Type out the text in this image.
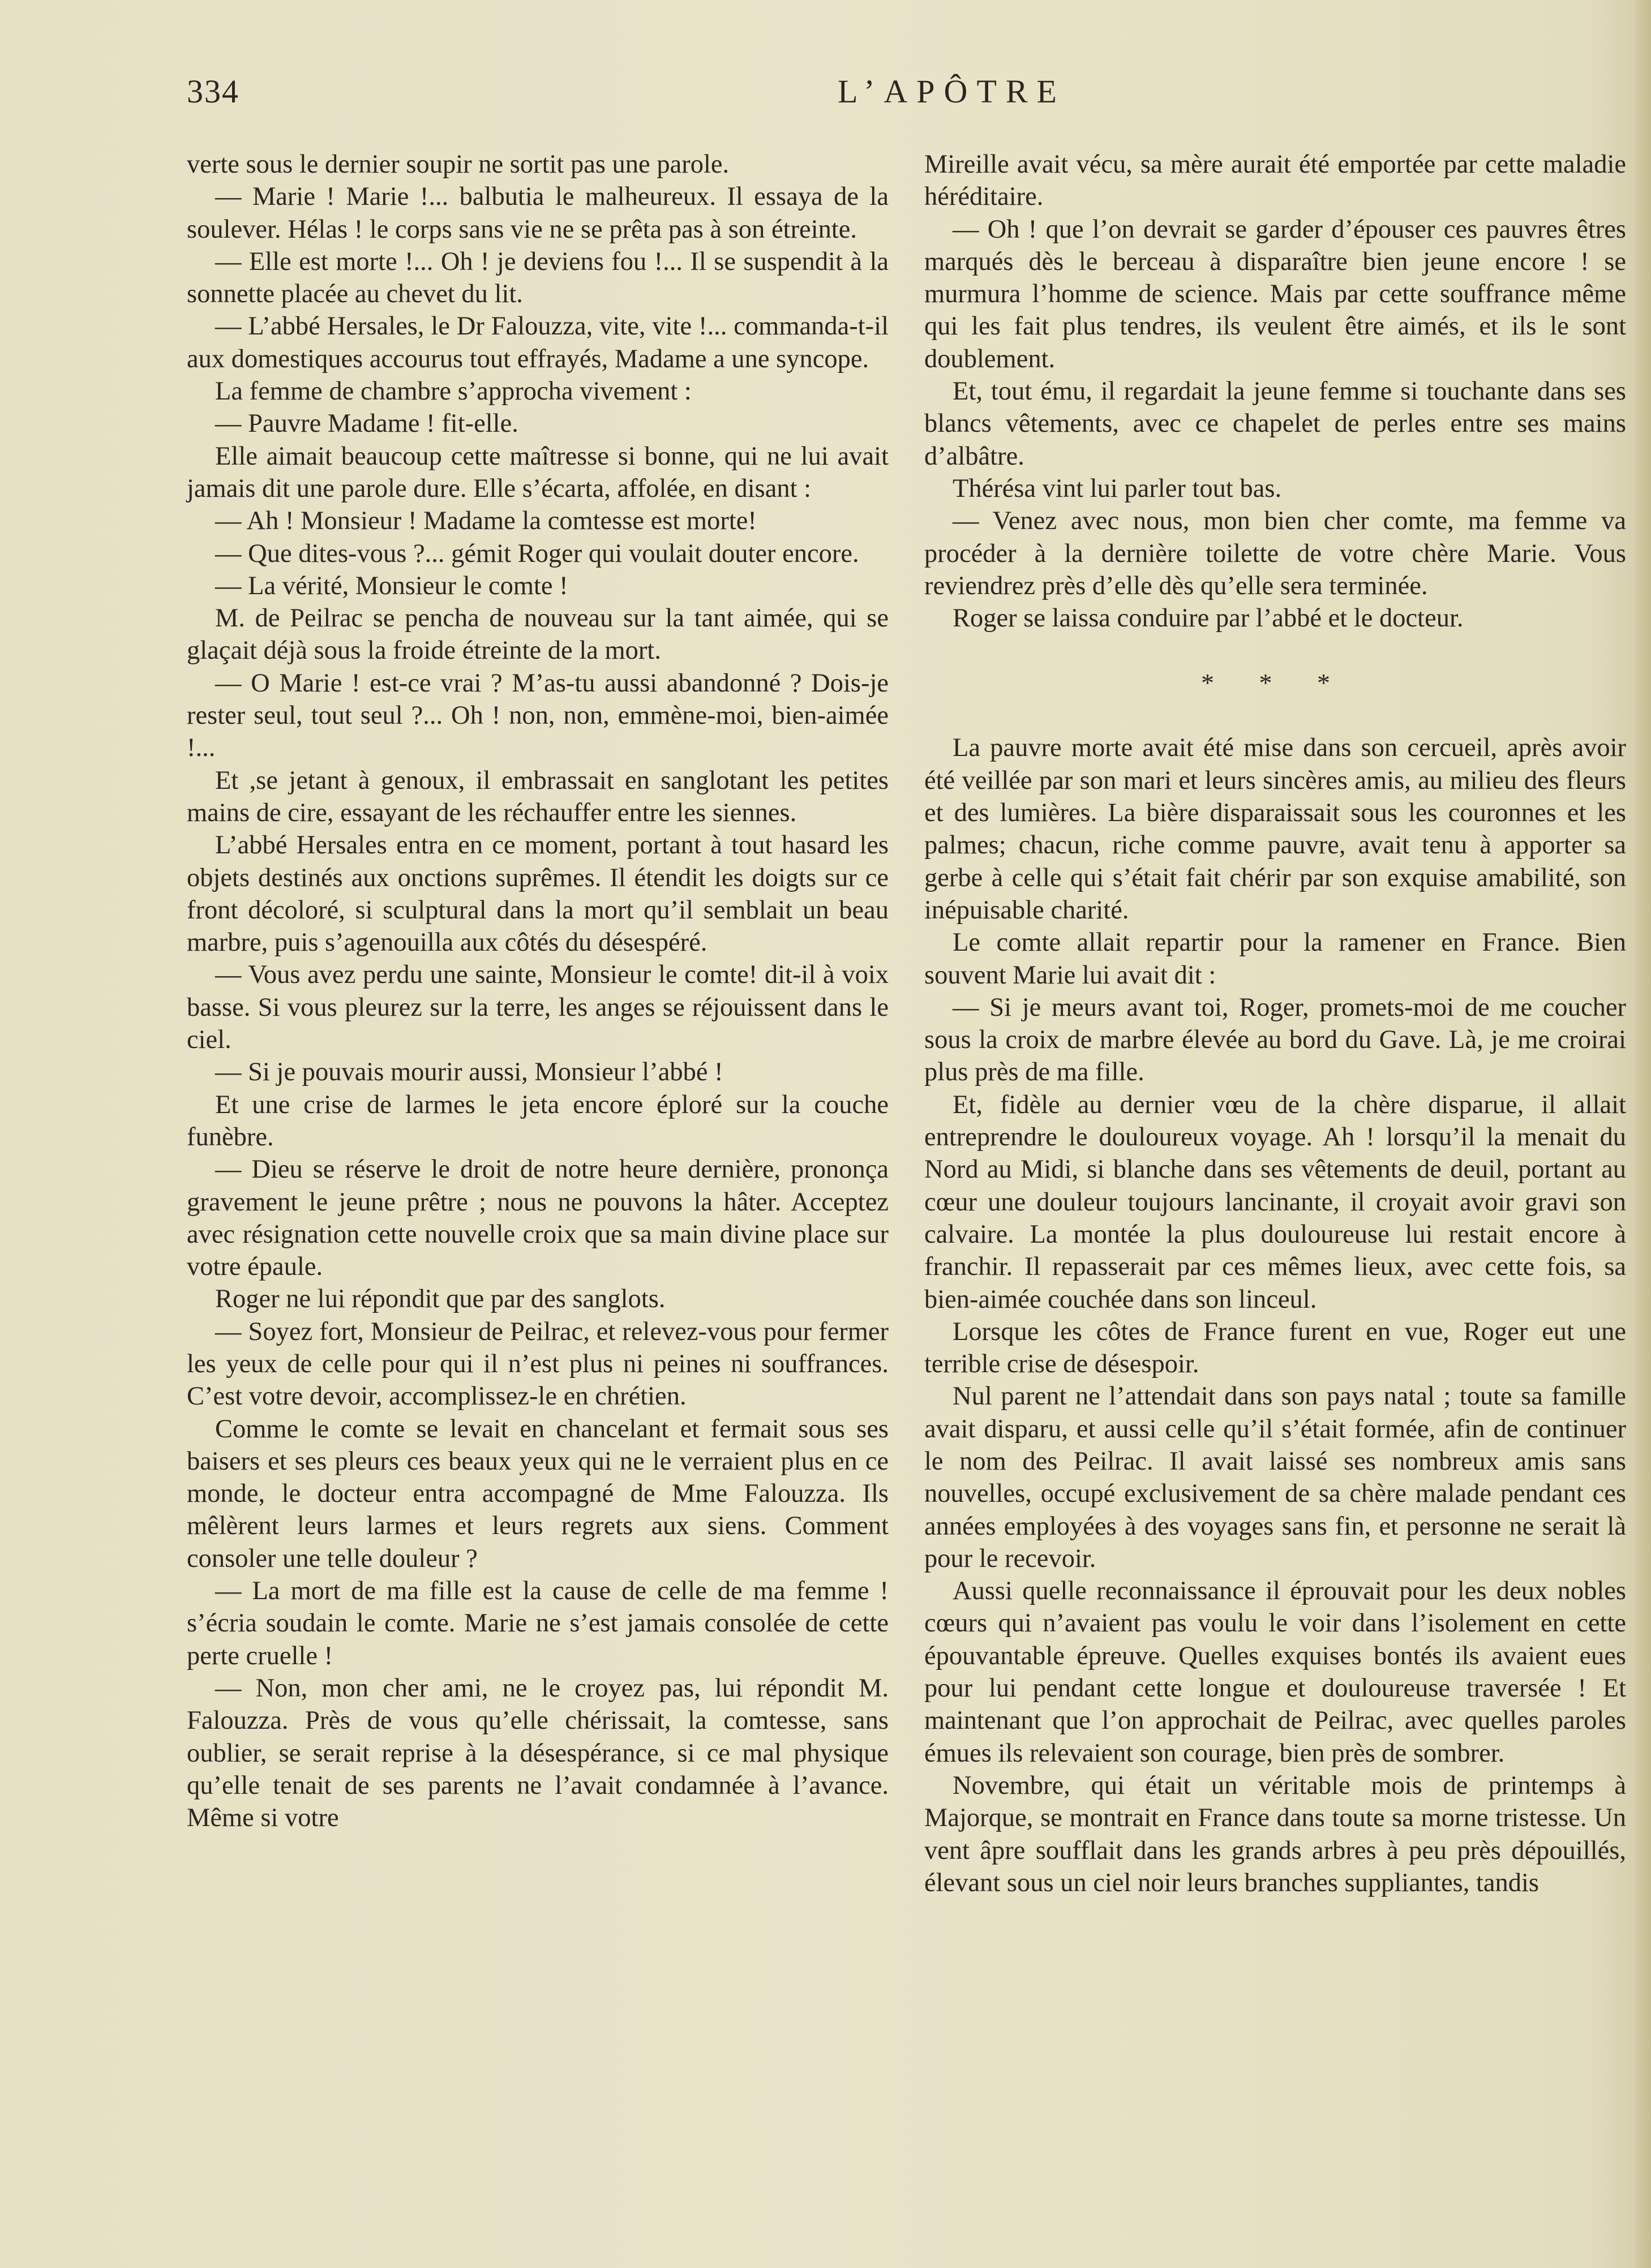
334	L’APÔTRE

verte sous le dernier soupir ne sortit pas une parole.

— Marie ! Marie !... balbutia le malheureux. Il essaya de la soulever. Hélas ! le corps sans vie ne se prêta pas à son étreinte.

— Elle est morte !... Oh ! je deviens fou !... Il se suspendit à la sonnette placée au chevet du lit.

— L’abbé Hersales, le Dr Falouzza, vite, vite !... commanda-t-il aux domestiques accourus tout effrayés, Madame a une syncope.

La femme de chambre s’approcha vivement :

— Pauvre Madame ! fit-elle.

Elle aimait beaucoup cette maîtresse si bonne, qui ne lui avait jamais dit une parole dure. Elle s’écarta, affolée, en disant :

— Ah ! Monsieur ! Madame la comtesse est morte!

— Que dites-vous ?... gémit Roger qui voulait douter encore.

— La vérité, Monsieur le comte !

M. de Peilrac se pencha de nouveau sur la tant aimée, qui se glaçait déjà sous la froide étreinte de la mort.

— O Marie ! est-ce vrai ? M’as-tu aussi abandonné ? Dois-je rester seul, tout seul ?... Oh ! non, non, emmène-moi, bien-aimée !...

Et ,se jetant à genoux, il embrassait en sanglotant les petites mains de cire, essayant de les réchauffer entre les siennes.

L’abbé Hersales entra en ce moment, portant à tout hasard les objets destinés aux onctions suprêmes. Il étendit les doigts sur ce front décoloré, si sculptural dans la mort qu’il semblait un beau marbre, puis s’agenouilla aux côtés du désespéré.

— Vous avez perdu une sainte, Monsieur le comte! dit-il à voix basse. Si vous pleurez sur la terre, les anges se réjouissent dans le ciel.

— Si je pouvais mourir aussi, Monsieur l’abbé !

Et une crise de larmes le jeta encore éploré sur la couche funèbre.

— Dieu se réserve le droit de notre heure dernière, prononça gravement le jeune prêtre ; nous ne pouvons la hâter. Acceptez avec résignation cette nouvelle croix que sa main divine place sur votre épaule.

Roger ne lui répondit que par des sanglots.

— Soyez fort, Monsieur de Peilrac, et relevez-vous pour fermer les yeux de celle pour qui il n’est plus ni peines ni souffrances. C’est votre devoir, accomplissez-le en chrétien.

Comme le comte se levait en chancelant et fermait sous ses baisers et ses pleurs ces beaux yeux qui ne le verraient plus en ce monde, le docteur entra accompagné de Mme Falouzza. Ils mêlèrent leurs larmes et leurs regrets aux siens. Comment consoler une telle douleur ?

— La mort de ma fille est la cause de celle de ma femme ! s’écria soudain le comte. Marie ne s’est jamais consolée de cette perte cruelle !

— Non, mon cher ami, ne le croyez pas, lui répondit M. Falouzza. Près de vous qu’elle chérissait, la comtesse, sans oublier, se serait reprise à la désespérance, si ce mal physique qu’elle tenait de ses parents ne l’avait condamnée à l’avance. Même si votre

Mireille avait vécu, sa mère aurait été emportée par cette maladie héréditaire.

— Oh ! que l’on devrait se garder d’épouser ces pauvres êtres marqués dès le berceau à disparaître bien jeune encore ! se murmura l’homme de science. Mais par cette souffrance même qui les fait plus tendres, ils veulent être aimés, et ils le sont doublement.

Et, tout ému, il regardait la jeune femme si touchante dans ses blancs vêtements, avec ce chapelet de perles entre ses mains d’albâtre.

Thérésa vint lui parler tout bas.

— Venez avec nous, mon bien cher comte, ma femme va procéder à la dernière toilette de votre chère Marie. Vous reviendrez près d’elle dès qu’elle sera terminée.

Roger se laissa conduire par l’abbé et le docteur.

* * *

La pauvre morte avait été mise dans son cercueil, après avoir été veillée par son mari et leurs sincères amis, au milieu des fleurs et des lumières. La bière disparaissait sous les couronnes et les palmes; chacun, riche comme pauvre, avait tenu à apporter sa gerbe à celle qui s’était fait chérir par son exquise amabilité, son inépuisable charité.

Le comte allait repartir pour la ramener en France. Bien souvent Marie lui avait dit :

— Si je meurs avant toi, Roger, promets-moi de me coucher sous la croix de marbre élevée au bord du Gave. Là, je me croirai plus près de ma fille.

Et, fidèle au dernier vœu de la chère disparue, il allait entreprendre le douloureux voyage. Ah ! lorsqu’il la menait du Nord au Midi, si blanche dans ses vêtements de deuil, portant au cœur une douleur toujours lancinante, il croyait avoir gravi son calvaire. La montée la plus douloureuse lui restait encore à franchir. Il repasserait par ces mêmes lieux, avec cette fois, sa bien-aimée couchée dans son linceul.

Lorsque les côtes de France furent en vue, Roger eut une terrible crise de désespoir.

Nul parent ne l’attendait dans son pays natal ; toute sa famille avait disparu, et aussi celle qu’il s’était formée, afin de continuer le nom des Peilrac. Il avait laissé ses nombreux amis sans nouvelles, occupé exclusivement de sa chère malade pendant ces années employées à des voyages sans fin, et personne ne serait là pour le recevoir.

Aussi quelle reconnaissance il éprouvait pour les deux nobles cœurs qui n’avaient pas voulu le voir dans l’isolement en cette épouvantable épreuve. Quelles exquises bontés ils avaient eues pour lui pendant cette longue et douloureuse traversée ! Et maintenant que l’on approchait de Peilrac, avec quelles paroles émues ils relevaient son courage, bien près de sombrer.

Novembre, qui était un véritable mois de printemps à Majorque, se montrait en France dans toute sa morne tristesse. Un vent âpre soufflait dans les grands arbres à peu près dépouillés, élevant sous un ciel noir leurs branches suppliantes, tandis
